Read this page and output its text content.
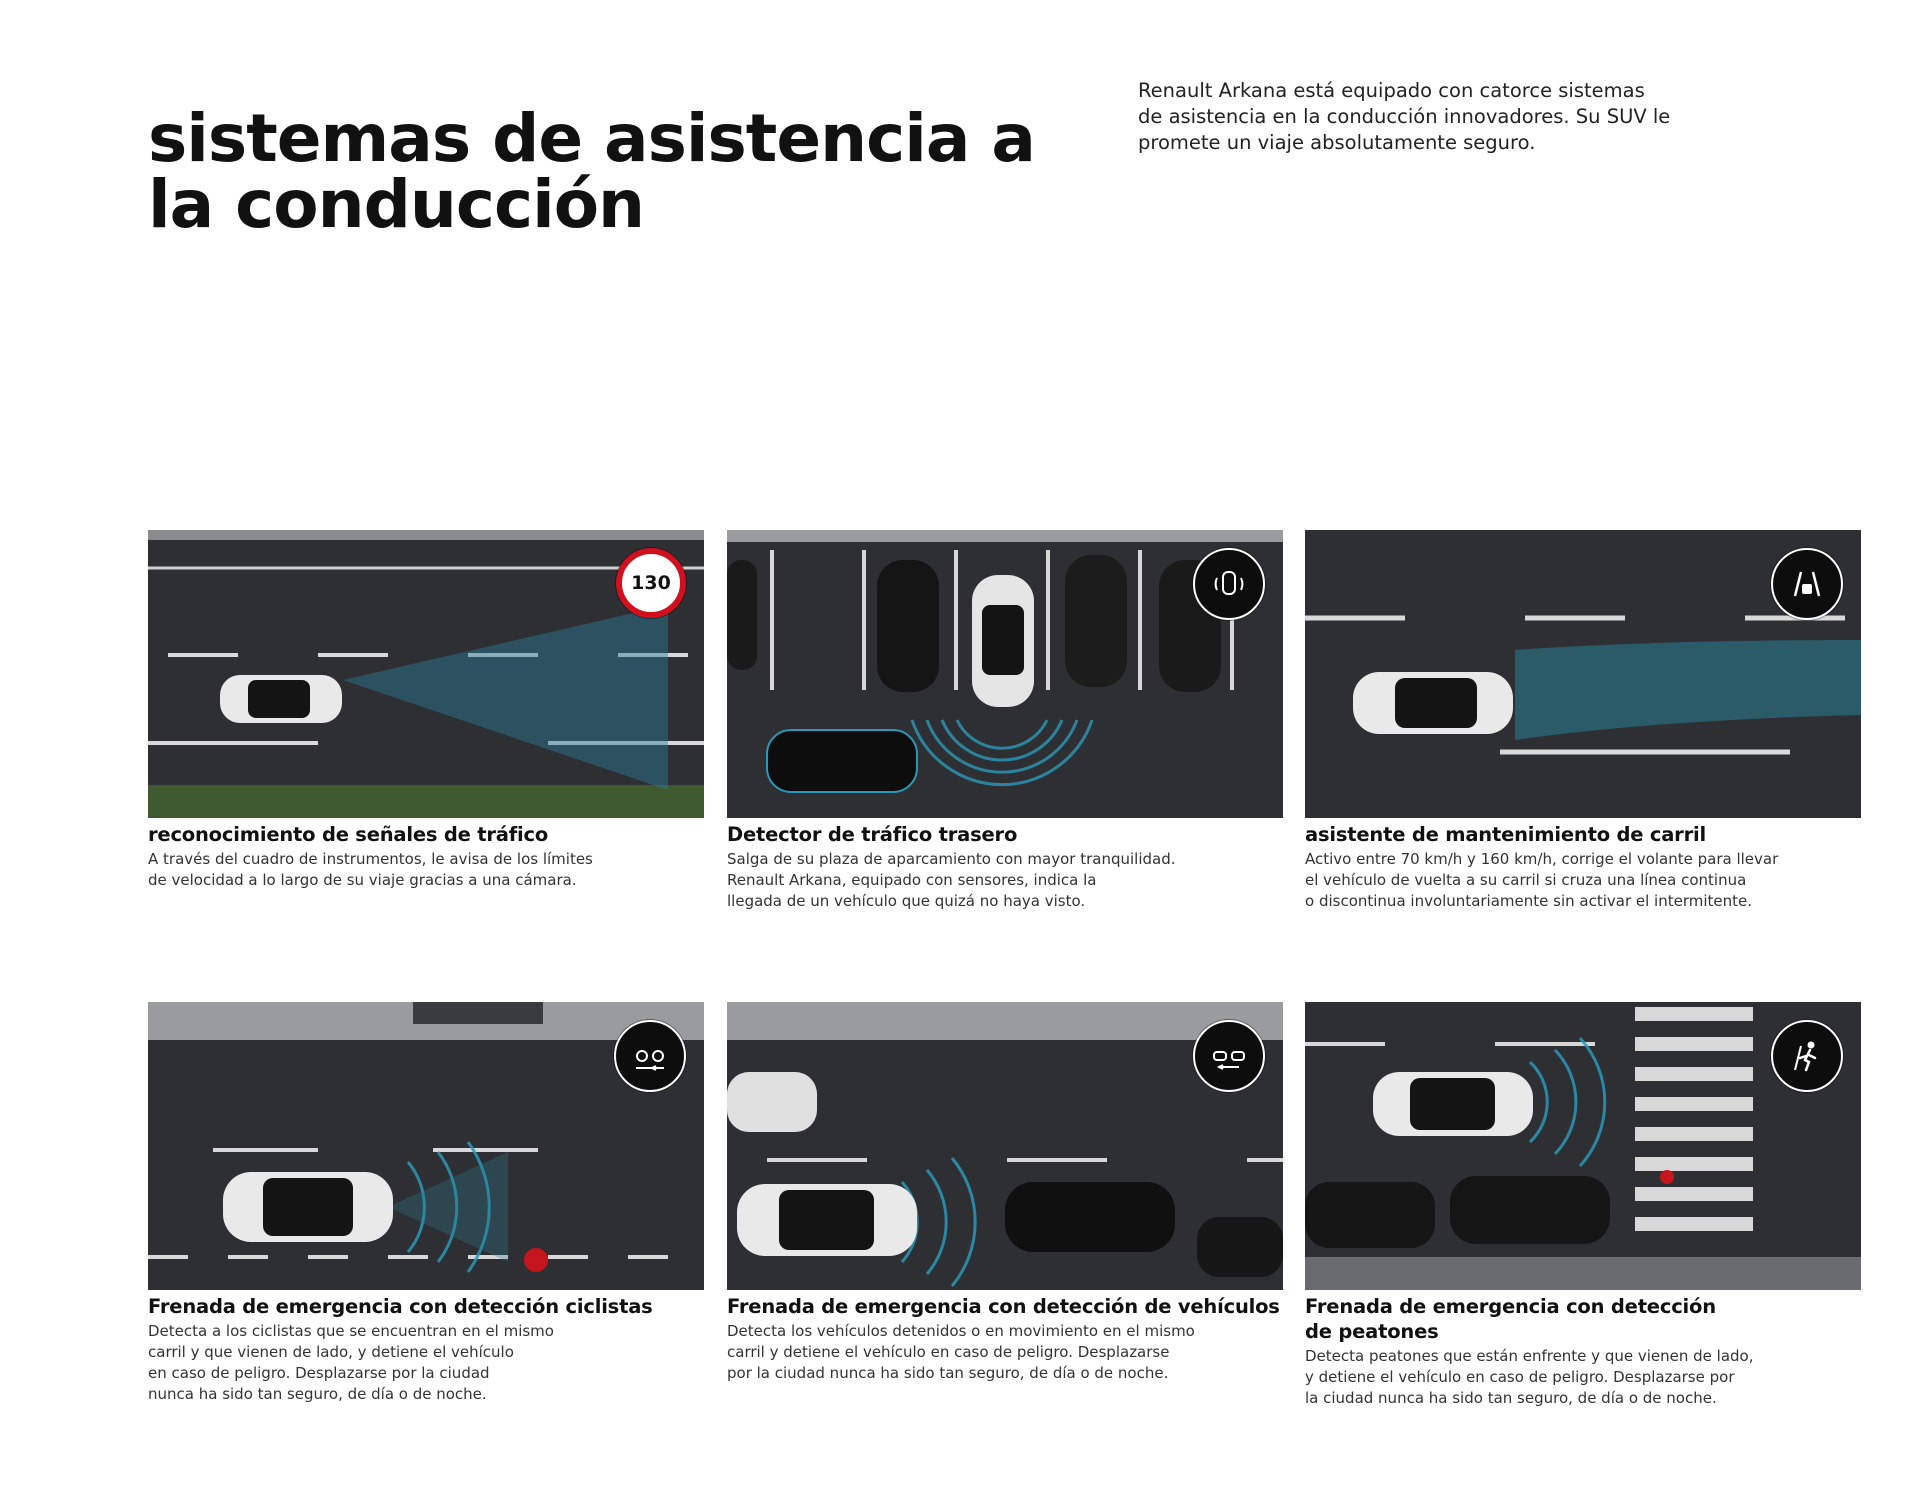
sistemas de asistencia a
la conducción
Renault Arkana está equipado con catorce sistemas
de asistencia en la conducción innovadores. Su SUV le
promete un viaje absolutamente seguro.
130
reconocimiento de señales de tráfico

A través del cuadro de instrumentos, le avisa de los límites
de velocidad a lo largo de su viaje gracias a una cámara.

Detector de tráfico trasero

Salga de su plaza de aparcamiento con mayor tranquilidad.
Renault Arkana, equipado con sensores, indica la
llegada de un vehículo que quizá no haya visto.

asistente de mantenimiento de carril

Activo entre 70 km/h y 160 km/h, corrige el volante para llevar
el vehículo de vuelta a su carril si cruza una línea continua
o discontinua involuntariamente sin activar el intermitente.

Frenada de emergencia con detección ciclistas

Detecta a los ciclistas que se encuentran en el mismo
carril y que vienen de lado, y detiene el vehículo
en caso de peligro. Desplazarse por la ciudad
nunca ha sido tan seguro, de día o de noche.

Frenada de emergencia con detección de vehículos

Detecta los vehículos detenidos o en movimiento en el mismo
carril y detiene el vehículo en caso de peligro. Desplazarse
por la ciudad nunca ha sido tan seguro, de día o de noche.

Frenada de emergencia con detección
de peatones

Detecta peatones que están enfrente y que vienen de lado,
y detiene el vehículo en caso de peligro. Desplazarse por
la ciudad nunca ha sido tan seguro, de día o de noche.
